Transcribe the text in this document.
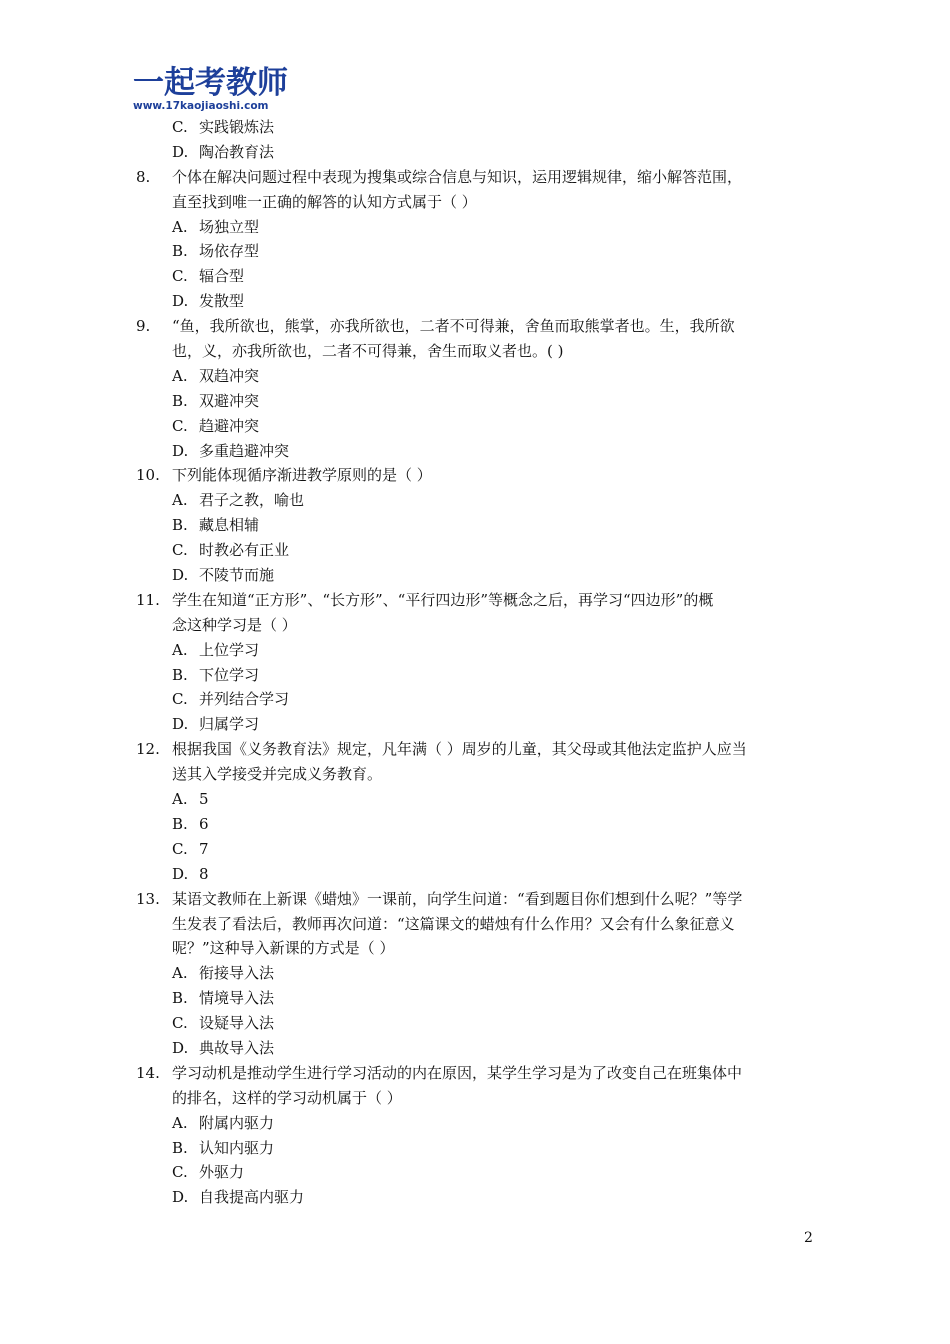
一起考教师
www.17kaojiaoshi.com
C. 实践锻炼法
D. 陶冶教育法
8. 个体在解决问题过程中表现为搜集或综合信息与知识，运用逻辑规律，缩小解答范围，
直至找到唯一正确的解答的认知方式属于（ ）
A. 场独立型
B. 场依存型
C. 辐合型
D. 发散型
9. “鱼，我所欲也，熊掌，亦我所欲也，二者不可得兼，舍鱼而取熊掌者也。生，我所欲
也，义，亦我所欲也，二者不可得兼，舍生而取义者也。( )
A. 双趋冲突
B. 双避冲突
C. 趋避冲突
D. 多重趋避冲突
10. 下列能体现循序渐进教学原则的是（ ）
A. 君子之教，喻也
B. 藏息相辅
C. 时教必有正业
D. 不陵节而施
11. 学生在知道“正方形”、“长方形”、“平行四边形”等概念之后，再学习“四边形”的概
念这种学习是（ ）
A. 上位学习
B. 下位学习
C. 并列结合学习
D. 归属学习
12. 根据我国《义务教育法》规定，凡年满（ ）周岁的儿童，其父母或其他法定监护人应当
送其入学接受并完成义务教育。
A. 5
B. 6
C. 7
D. 8
13. 某语文教师在上新课《蜡烛》一课前，向学生问道：“看到题目你们想到什么呢？”等学
生发表了看法后，教师再次问道：“这篇课文的蜡烛有什么作用？又会有什么象征意义
呢？”这种导入新课的方式是（ ）
A. 衔接导入法
B. 情境导入法
C. 设疑导入法
D. 典故导入法
14. 学习动机是推动学生进行学习活动的内在原因，某学生学习是为了改变自己在班集体中
的排名，这样的学习动机属于（ ）
A. 附属内驱力
B. 认知内驱力
C. 外驱力
D. 自我提高内驱力
2
